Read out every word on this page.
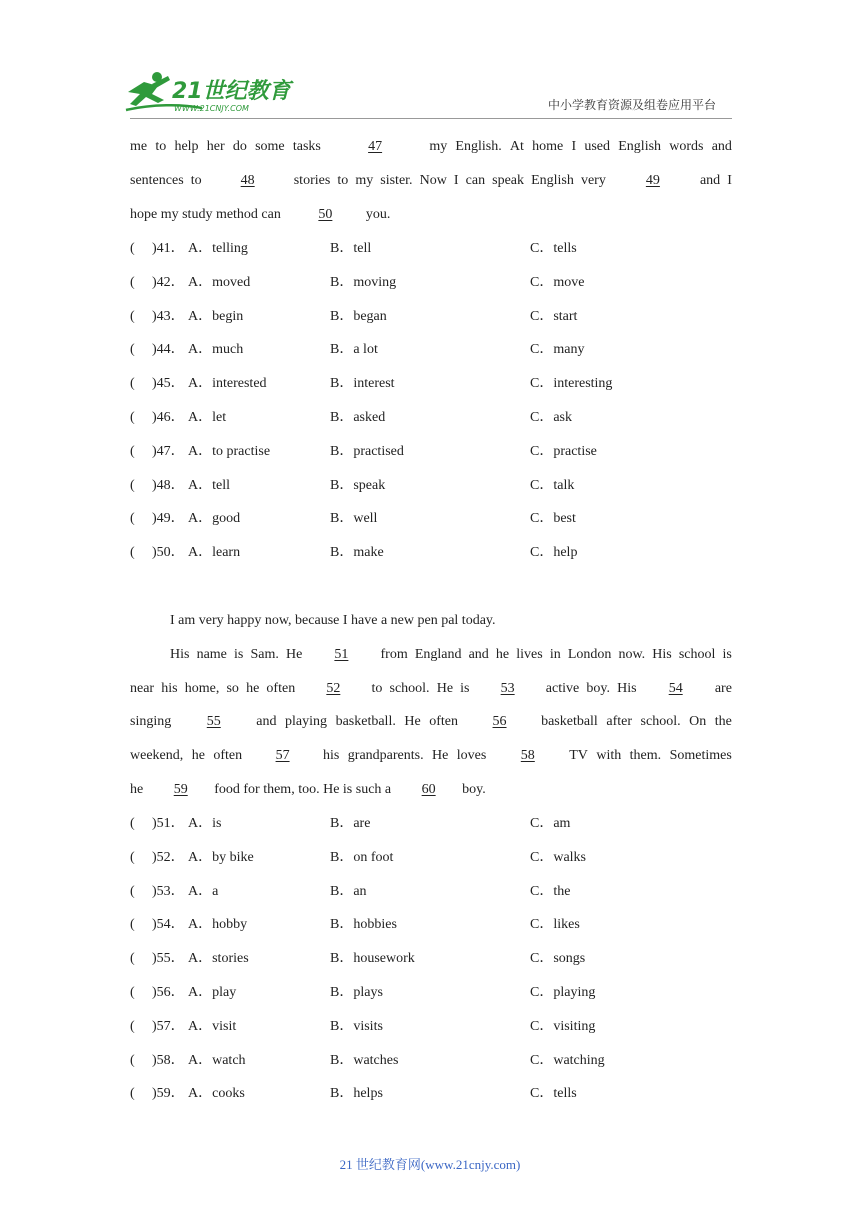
21世纪教育
WWW.21CNJY.COM	中小学教育资源及组卷应用平台
me to help her do some tasks	47	my English. At home I used English words and
sentences to	48	stories to my sister. Now I can speak English very	49	and I
hope my study method can 50 you.
( )41． A．telling	B．tell	C．tells
( )42． A．moved	B．moving	C．move
( )43． A．begin	B．began	C．start
( )44． A．much	B．a lot	C．many
( )45． A．interested	B．interest	C．interesting
( )46． A．let	B．asked	C．ask
( )47． A．to practise	B．practised	C．practise
( )48． A．tell	B．speak	C．talk
( )49． A．good	B．well	C．best
( )50． A．learn	B．make	C．help
I am very happy now, because I have a new pen pal today.
His name is Sam. He	51	from England and he lives in London now. His school is
near his home, so he often	52	to school. He is	53	active boy. His	54	are
singing	55	and playing basketball. He often	56	basketball after school. On the
weekend, he often	57	his grandparents. He loves	58	TV with them. Sometimes
he 59 food for them, too. He is such a 60 boy.
( )51． A．is	B．are	C．am
( )52． A．by bike	B．on foot	C．walks
( )53． A．a	B．an	C．the
( )54． A．hobby	B．hobbies	C．likes
( )55． A．stories	B．housework	C．songs
( )56． A．play	B．plays	C．playing
( )57． A．visit	B．visits	C．visiting
( )58． A．watch	B．watches	C．watching
( )59． A．cooks	B．helps	C．tells
21 世纪教育网(www.21cnjy.com)
